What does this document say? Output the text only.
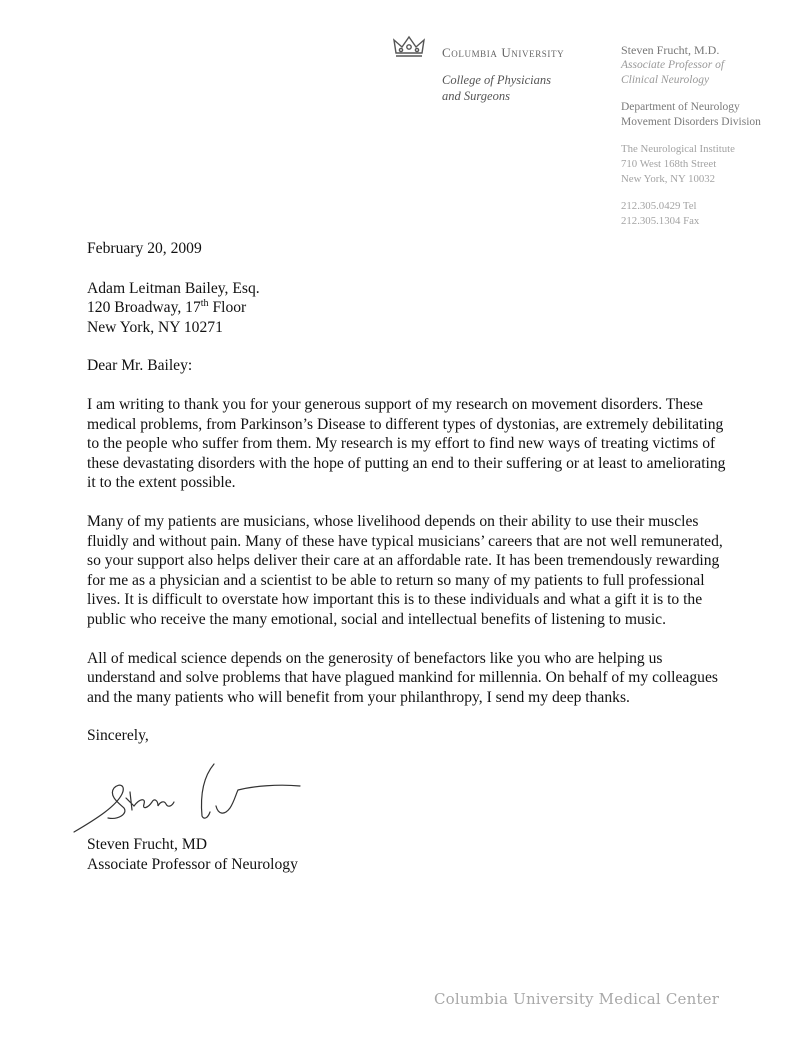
Columbia University
College of Physicians
and Surgeons
Steven Frucht, M.D.
Associate Professor of
Clinical Neurology
Department of Neurology
Movement Disorders Division
The Neurological Institute
710 West 168th Street
New York, NY 10032
212.305.0429 Tel
212.305.1304 Fax
February 20, 2009
Adam Leitman Bailey, Esq.
120 Broadway, 17th Floor
New York, NY 10271
Dear Mr. Bailey:
I am writing to thank you for your generous support of my research on movement disorders. These medical problems, from Parkinson’s Disease to different types of dystonias, are extremely debilitating to the people who suffer from them. My research is my effort to find new ways of treating victims of these devastating disorders with the hope of putting an end to their suffering or at least to ameliorating it to the extent possible.
Many of my patients are musicians, whose livelihood depends on their ability to use their muscles fluidly and without pain. Many of these have typical musicians’ careers that are not well remunerated, so your support also helps deliver their care at an affordable rate. It has been tremendously rewarding for me as a physician and a scientist to be able to return so many of my patients to full professional lives. It is difficult to overstate how important this is to these individuals and what a gift it is to the public who receive the many emotional, social and intellectual benefits of listening to music.
All of medical science depends on the generosity of benefactors like you who are helping us understand and solve problems that have plagued mankind for millennia. On behalf of my colleagues and the many patients who will benefit from your philanthropy, I send my deep thanks.
Sincerely,
Steven Frucht, MD
Associate Professor of Neurology
Columbia University Medical Center
